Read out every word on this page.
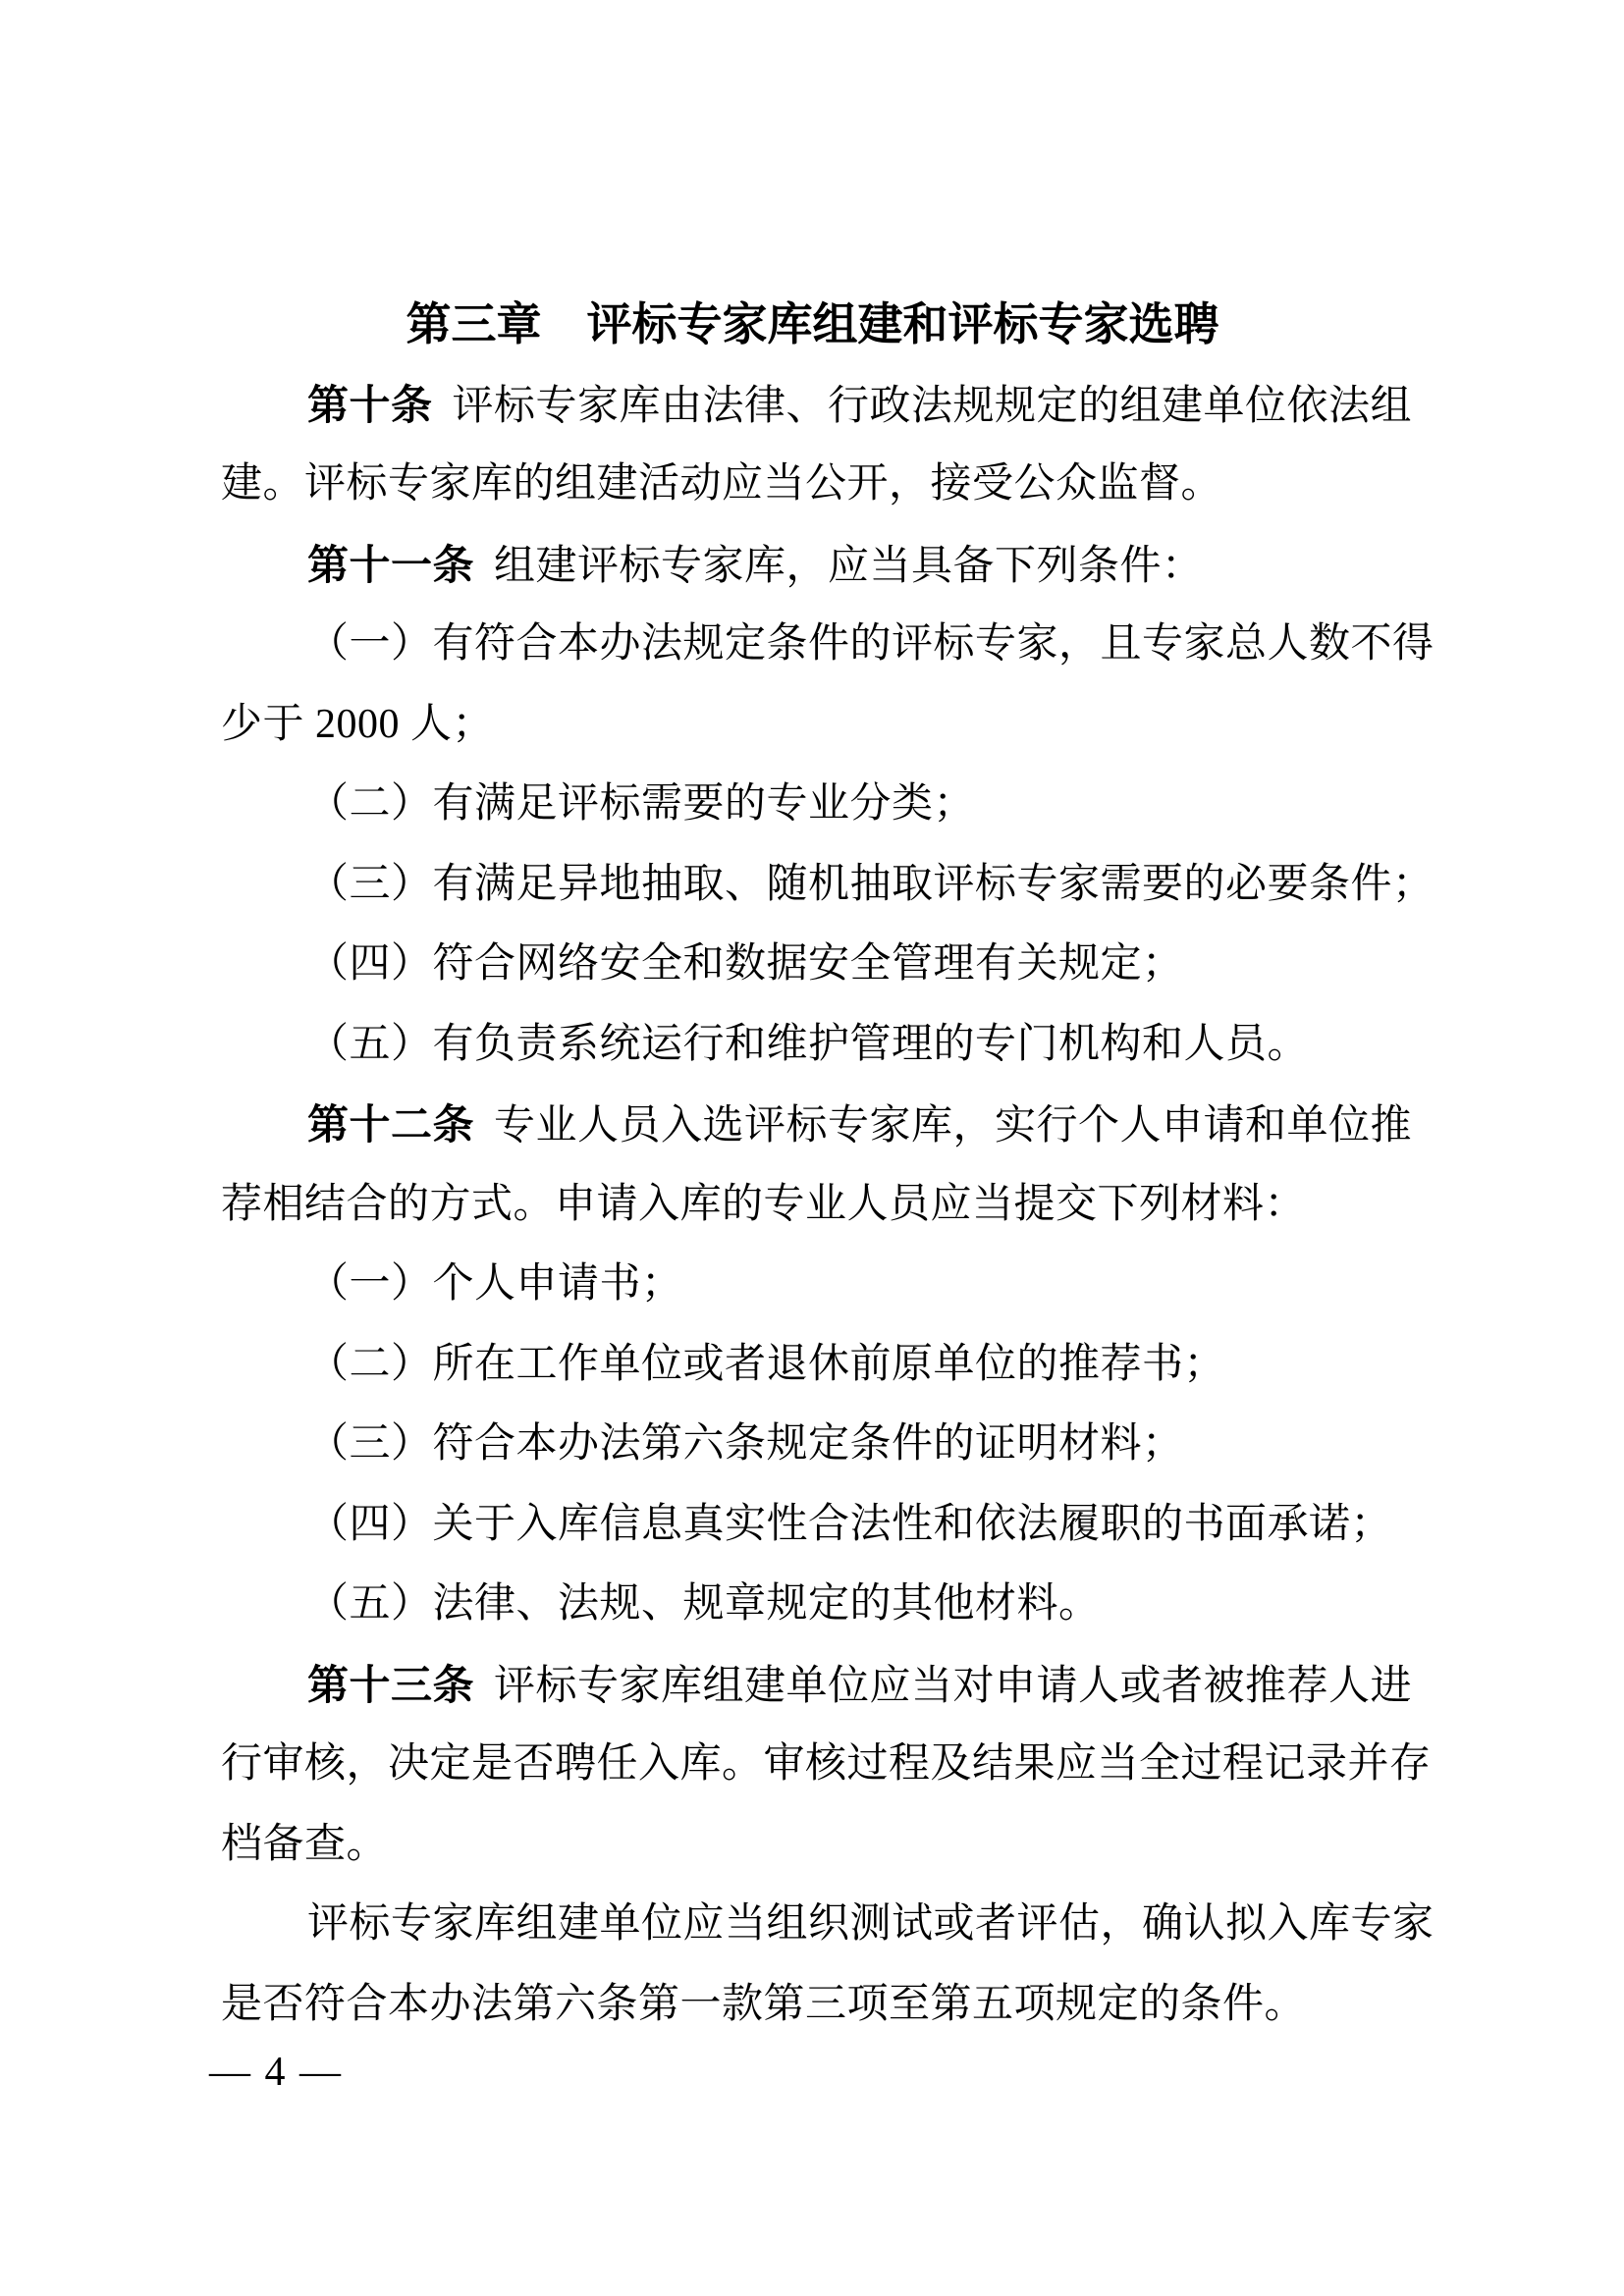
第三章　评标专家库组建和评标专家选聘
第十条 评标专家库由法律、行政法规规定的组建单位依法组
建。评标专家库的组建活动应当公开，接受公众监督。
第十一条 组建评标专家库，应当具备下列条件：
（一）有符合本办法规定条件的评标专家，且专家总人数不得
少于 2000 人；
（二）有满足评标需要的专业分类；
（三）有满足异地抽取、随机抽取评标专家需要的必要条件；
（四）符合网络安全和数据安全管理有关规定；
（五）有负责系统运行和维护管理的专门机构和人员。
第十二条 专业人员入选评标专家库，实行个人申请和单位推
荐相结合的方式。申请入库的专业人员应当提交下列材料：
（一）个人申请书；
（二）所在工作单位或者退休前原单位的推荐书；
（三）符合本办法第六条规定条件的证明材料；
（四）关于入库信息真实性合法性和依法履职的书面承诺；
（五）法律、法规、规章规定的其他材料。
第十三条 评标专家库组建单位应当对申请人或者被推荐人进
行审核，决定是否聘任入库。审核过程及结果应当全过程记录并存
档备查。
评标专家库组建单位应当组织测试或者评估，确认拟入库专家
是否符合本办法第六条第一款第三项至第五项规定的条件。
— 4 —
